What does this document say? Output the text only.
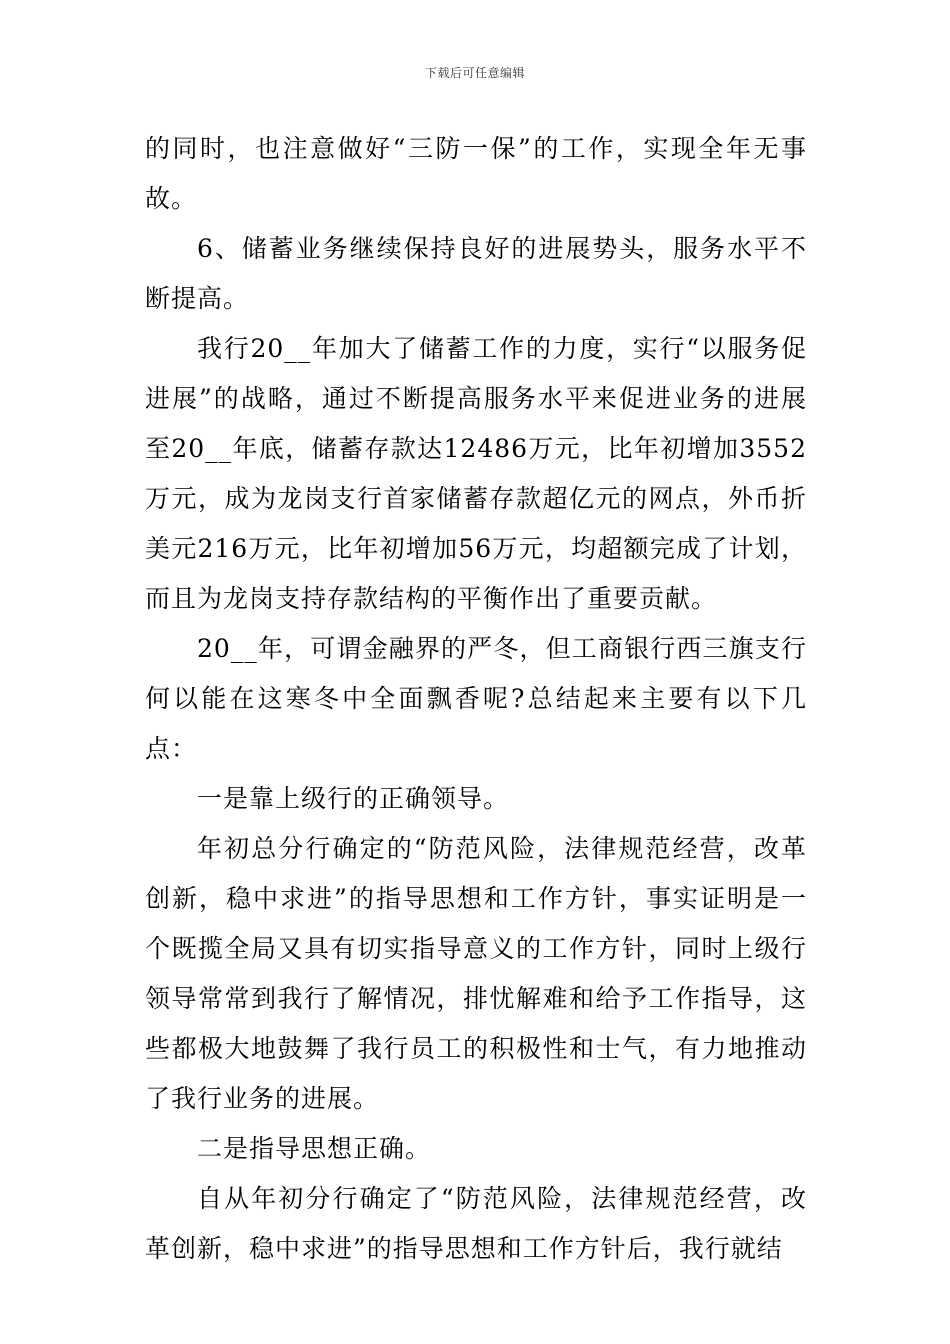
下载后可任意编辑

的同时，也注意做好“三防一保”的工作，实现全年无事故。

6、储蓄业务继续保持良好的进展势头，服务水平不断提高。

我行20__年加大了储蓄工作的力度，实行“以服务促进展”的战略，通过不断提高服务水平来促进业务的进展至20__年底，储蓄存款达12486万元，比年初增加3552万元，成为龙岗支行首家储蓄存款超亿元的网点，外币折美元216万元，比年初增加56万元，均超额完成了计划，而且为龙岗支持存款结构的平衡作出了重要贡献。

20__年，可谓金融界的严冬，但工商银行西三旗支行何以能在这寒冬中全面飘香呢?总结起来主要有以下几点：

一是靠上级行的正确领导。

年初总分行确定的“防范风险，法律规范经营，改革创新，稳中求进”的指导思想和工作方针，事实证明是一个既揽全局又具有切实指导意义的工作方针，同时上级行领导常常到我行了解情况，排忧解难和给予工作指导，这些都极大地鼓舞了我行员工的积极性和士气，有力地推动了我行业务的进展。

二是指导思想正确。

自从年初分行确定了“防范风险，法律规范经营，改革创新，稳中求进”的指导思想和工作方针后，我行就结
